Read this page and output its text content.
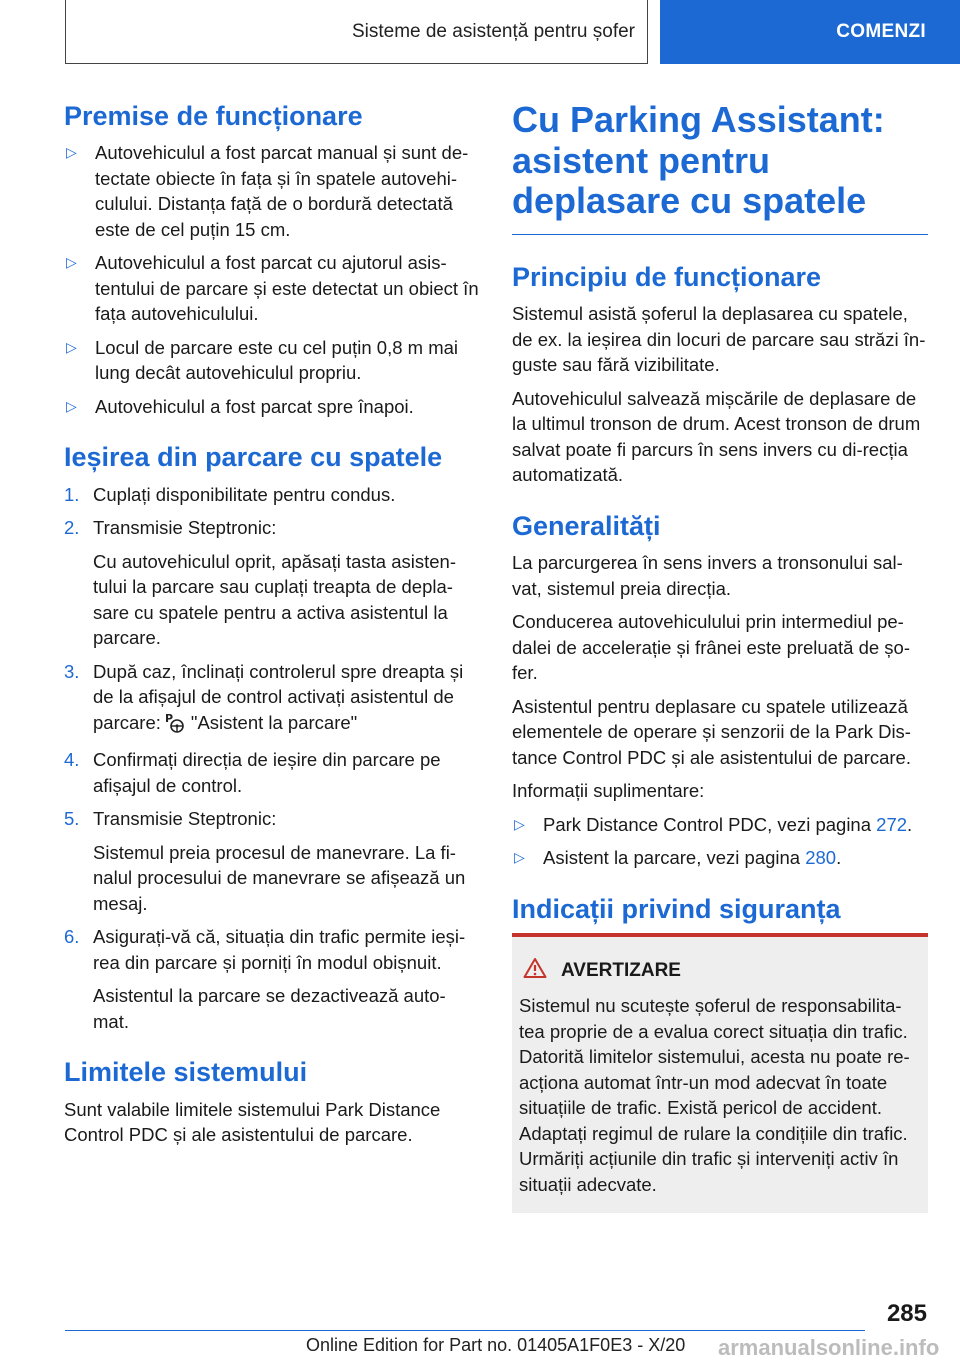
Sisteme de asistență pentru șofer	COMENZI
Premise de funcționare
▷ Autovehiculul a fost parcat manual și sunt de-tectate obiecte în fața și în spatele autovehi-culului. Distanța față de o bordură detectată este de cel puțin 15 cm.
▷ Autovehiculul a fost parcat cu ajutorul asis-tentului de parcare și este detectat un obiect în fața autovehiculului.
▷ Locul de parcare este cu cel puțin 0,8 m mai lung decât autovehiculul propriu.
▷ Autovehiculul a fost parcat spre înapoi.
Ieșirea din parcare cu spatele
1. Cuplați disponibilitate pentru condus.
2. Transmisie Steptronic:
Cu autovehiculul oprit, apăsați tasta asisten-tului la parcare sau cuplați treapta de depla-sare cu spatele pentru a activa asistentul la parcare.
3. După caz, înclinați controlerul spre dreapta și de la afișajul de control activați asistentul de parcare: P "Asistent la parcare"
4. Confirmați direcția de ieșire din parcare pe afișajul de control.
5. Transmisie Steptronic:
Sistemul preia procesul de manevrare. La fi-nalul procesului de manevrare se afișează un mesaj.
6. Asigurați-vă că, situația din trafic permite ieși-rea din parcare și porniți în modul obișnuit.
Asistentul la parcare se dezactivează auto-mat.
Limitele sistemului

Sunt valabile limitele sistemului Park Distance Control PDC și ale asistentului de parcare.

Cu Parking Assistant: asistent pentru deplasare cu spatele
Principiu de funcționare

Sistemul asistă șoferul la deplasarea cu spatele, de ex. la ieșirea din locuri de parcare sau străzi în-guste sau fără vizibilitate.

Autovehiculul salvează mișcările de deplasare de la ultimul tronson de drum. Acest tronson de drum salvat poate fi parcurs în sens invers cu di-recția automatizată.

Generalități

La parcurgerea în sens invers a tronsonului sal-vat, sistemul preia direcția.

Conducerea autovehiculului prin intermediul pe-dalei de accelerație și frânei este preluată de șo-fer.

Asistentul pentru deplasare cu spatele utilizează elementele de operare și senzorii de la Park Dis-tance Control PDC și ale asistentului de parcare.

Informații suplimentare:

▷ Park Distance Control PDC, vezi pagina 272.
▷ Asistent la parcare, vezi pagina 280.
Indicații privind siguranța
AVERTIZARE

Sistemul nu scutește șoferul de responsabilita-tea proprie de a evalua corect situația din trafic. Datorită limitelor sistemului, acesta nu poate re-acționa automat într-un mod adecvat în toate situațiile de trafic. Există pericol de accident. Adaptați regimul de rulare la condițiile din trafic. Urmăriți acțiunile din trafic și interveniți activ în situații adecvate.

285
Online Edition for Part no. 01405A1F0E3 - X/20 armanualsonline.info
